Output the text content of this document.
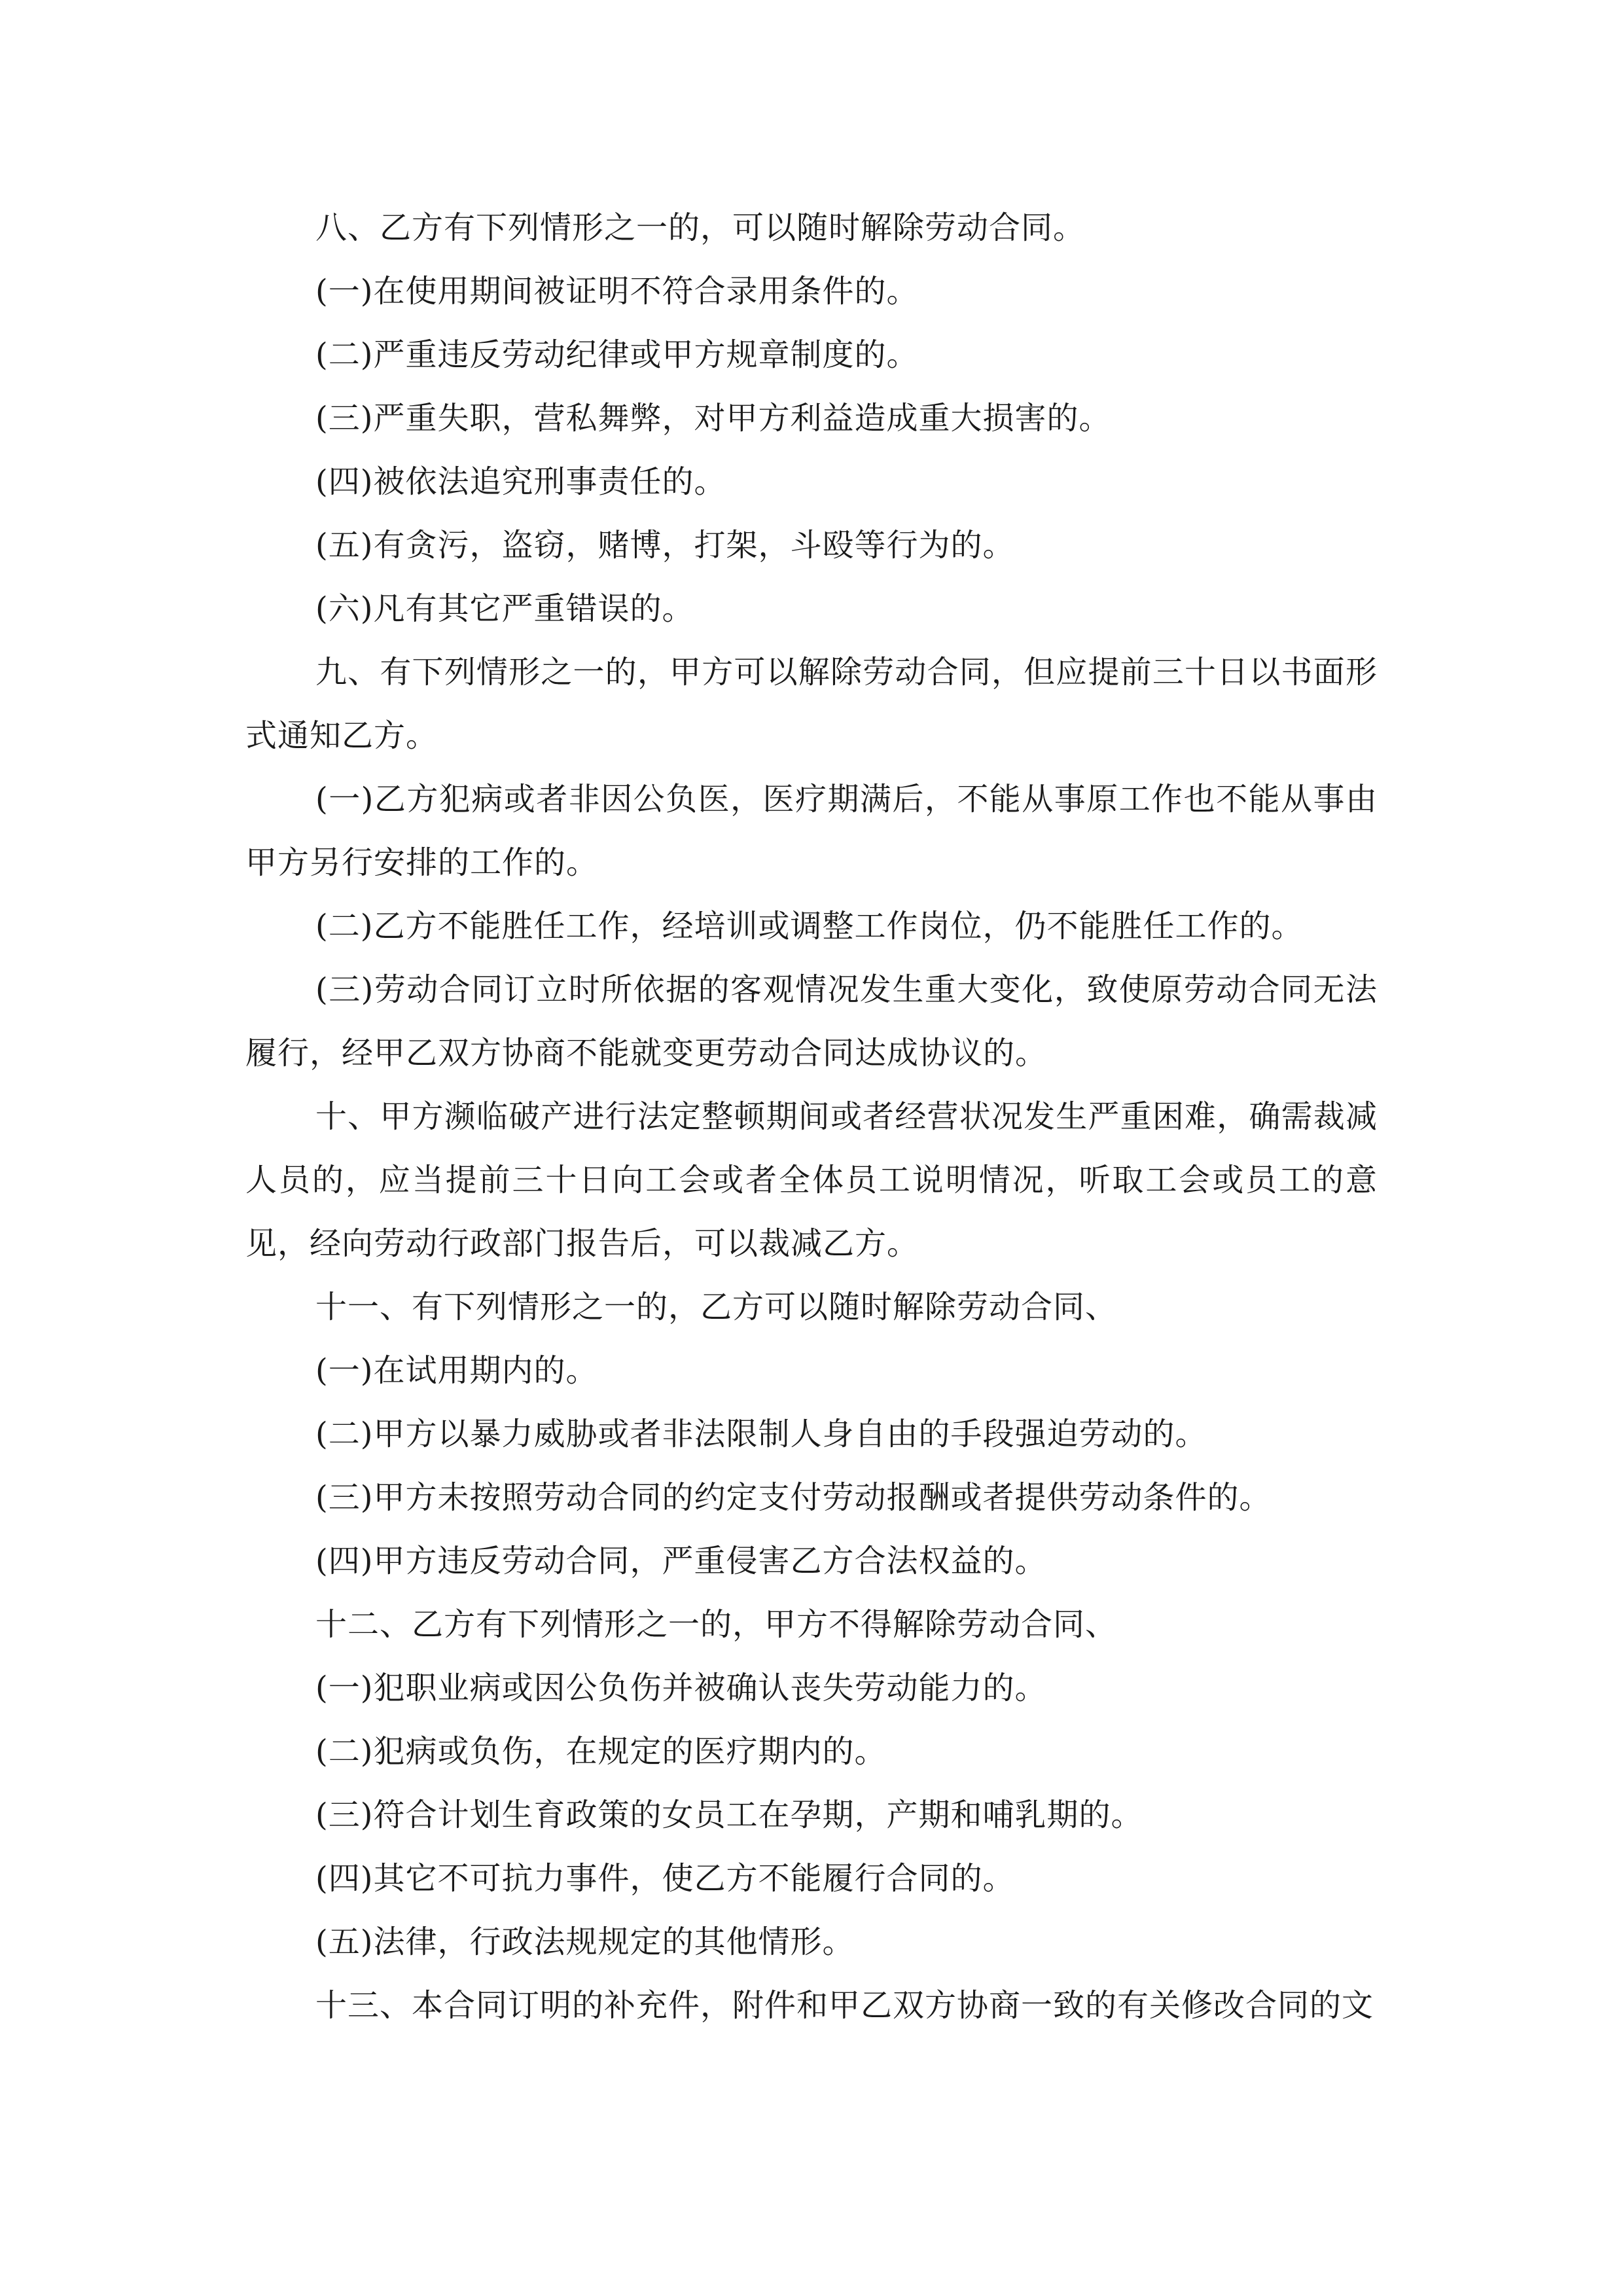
八、乙方有下列情形之一的，可以随时解除劳动合同。

(一)在使用期间被证明不符合录用条件的。

(二)严重违反劳动纪律或甲方规章制度的。

(三)严重失职，营私舞弊，对甲方利益造成重大损害的。

(四)被依法追究刑事责任的。

(五)有贪污，盗窃，赌博，打架，斗殴等行为的。

(六)凡有其它严重错误的。

九、有下列情形之一的，甲方可以解除劳动合同，但应提前三十日以书面形式通知乙方。

(一)乙方犯病或者非因公负医，医疗期满后，不能从事原工作也不能从事由甲方另行安排的工作的。

(二)乙方不能胜任工作，经培训或调整工作岗位，仍不能胜任工作的。

(三)劳动合同订立时所依据的客观情况发生重大变化，致使原劳动合同无法履行，经甲乙双方协商不能就变更劳动合同达成协议的。

十、甲方濒临破产进行法定整顿期间或者经营状况发生严重困难，确需裁减人员的，应当提前三十日向工会或者全体员工说明情况，听取工会或员工的意见，经向劳动行政部门报告后，可以裁减乙方。

十一、有下列情形之一的，乙方可以随时解除劳动合同、

(一)在试用期内的。

(二)甲方以暴力威胁或者非法限制人身自由的手段强迫劳动的。

(三)甲方未按照劳动合同的约定支付劳动报酬或者提供劳动条件的。

(四)甲方违反劳动合同，严重侵害乙方合法权益的。

十二、乙方有下列情形之一的，甲方不得解除劳动合同、

(一)犯职业病或因公负伤并被确认丧失劳动能力的。

(二)犯病或负伤，在规定的医疗期内的。

(三)符合计划生育政策的女员工在孕期，产期和哺乳期的。

(四)其它不可抗力事件，使乙方不能履行合同的。

(五)法律，行政法规规定的其他情形。

十三、本合同订明的补充件，附件和甲乙双方协商一致的有关修改合同的文
